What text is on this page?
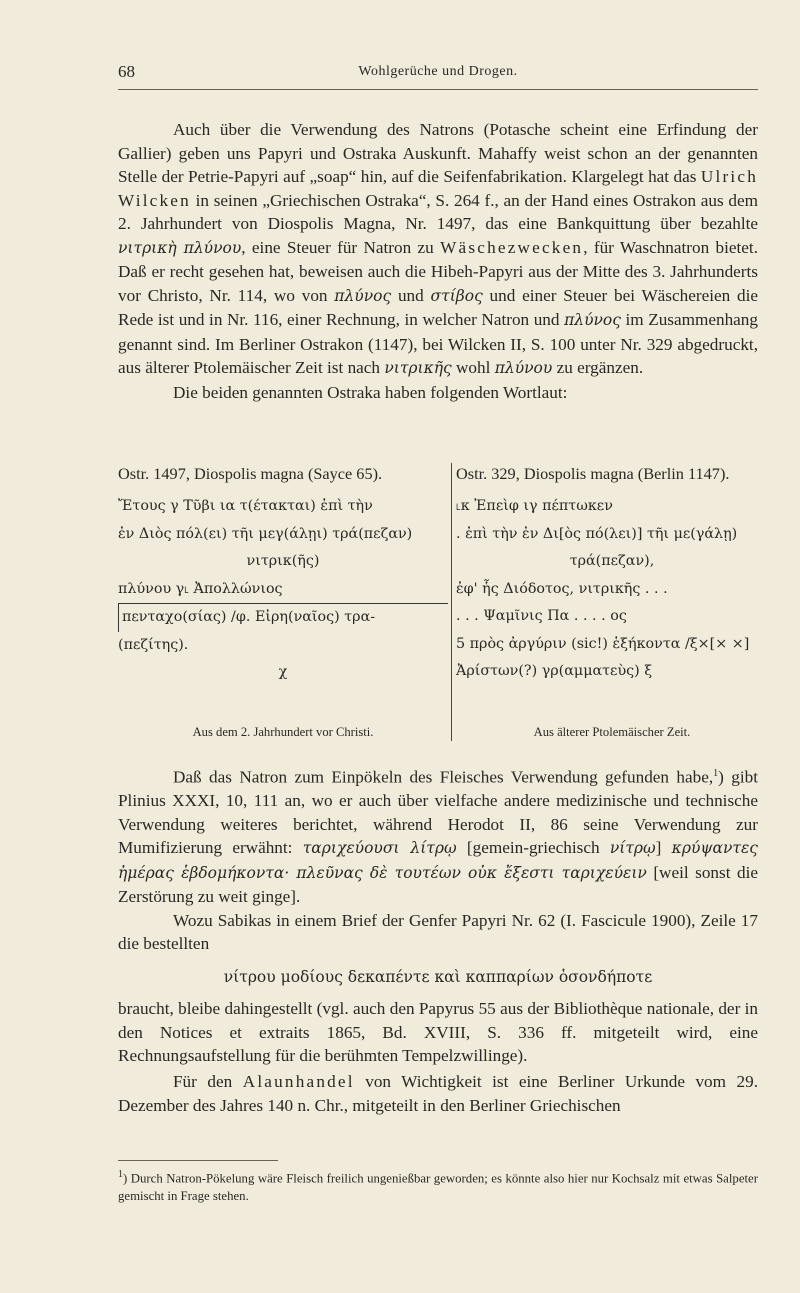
68	Wohlgerüche und Drogen.

Auch über die Verwendung des Natrons (Potasche scheint eine Erfindung der Gallier) geben uns Papyri und Ostraka Auskunft. Mahaffy weist schon an der genannten Stelle der Petrie-Papyri auf „soap“ hin, auf die Seifenfabrikation. Klargelegt hat das Ulrich Wilcken in seinen „Griechischen Ostraka“, S. 264 f., an der Hand eines Ostrakon aus dem 2. Jahrhundert von Diospolis Magna, Nr. 1497, das eine Bankquittung über bezahlte νιτρικὴ πλύνου, eine Steuer für Natron zu Wäschezwecken, für Waschnatron bietet. Daß er recht gesehen hat, beweisen auch die Hibeh-Papyri aus der Mitte des 3. Jahrhunderts vor Christo, Nr. 114, wo von πλύνος und στίβος und einer Steuer bei Wäschereien die Rede ist und in Nr. 116, einer Rechnung, in welcher Natron und πλύνος im Zusammenhang genannt sind. Im Berliner Ostrakon (1147), bei Wilcken II, S. 100 unter Nr. 329 abgedruckt, aus älterer Ptolemäischer Zeit ist nach νιτρικῆς wohl πλύνου zu ergänzen.

Die beiden genannten Ostraka haben folgenden Wortlaut:

Ostr. 1497, Diospolis magna (Sayce 65).
Ἔτους γ Τῦβι ια τ(έτακται) ἐπὶ τὴν
ἐν Διὸς πόλ(ει) τῆι μεγ(άλῃι) τρά(πεζαν)
νιτρικ(ῆς)
πλύνου γ˪ Ἀπολλώνιος
πενταχο(σίας) /φ. Εἰρη(ναῖος) τρα-
(πεζίτης).
χ
Ostr. 329, Diospolis magna (Berlin 1147).
˪κ Ἐπεὶφ ιγ πέπτωκεν
. ἐπὶ τὴν ἐν Δι[ὸς πό(λει)] τῆι με(γάλῃ)
τρά(πεζαν),
ἐφ' ἧς Διόδοτος, νιτρικῆς . . .
. . . Ψαμῖνις Πα . . . . ος
5 πρὸς ἀργύριν (sic!) ἑξήκοντα /ξ×[× ×]
Ἀρίστων(?) γρ(αμματεὺς) ξ
Aus dem 2. Jahrhundert vor Christi.	Aus älterer Ptolemäischer Zeit.

Daß das Natron zum Einpökeln des Fleisches Verwendung gefunden habe,$^1$) gibt Plinius XXXI, 10, 111 an, wo er auch über vielfache andere medizinische und technische Verwendung weiteres berichtet, während Herodot II, 86 seine Verwendung zur Mumifizierung erwähnt: ταριχεύουσι λίτρῳ [gemein-griechisch νίτρῳ] κρύψαντες ἡμέρας ἑβδομήκοντα· πλεῦνας δὲ τουτέων οὐκ ἔξεστι ταριχεύειν [weil sonst die Zerstörung zu weit ginge].

Wozu Sabikas in einem Brief der Genfer Papyri Nr. 62 (I. Fascicule 1900), Zeile 17 die bestellten

νίτρου μοδίους δεκαπέντε καὶ καππαρίων ὁσονδήποτε

braucht, bleibe dahingestellt (vgl. auch den Papyrus 55 aus der Bibliothèque nationale, der in den Notices et extraits 1865, Bd. XVIII, S. 336 ff. mitgeteilt wird, eine Rechnungsaufstellung für die berühmten Tempelzwillinge).

Für den Alaunhandel von Wichtigkeit ist eine Berliner Urkunde vom 29. Dezember des Jahres 140 n. Chr., mitgeteilt in den Berliner Griechischen

$^1$) Durch Natron-Pökelung wäre Fleisch freilich ungenießbar geworden; es könnte also hier nur Kochsalz mit etwas Salpeter gemischt in Frage stehen.
